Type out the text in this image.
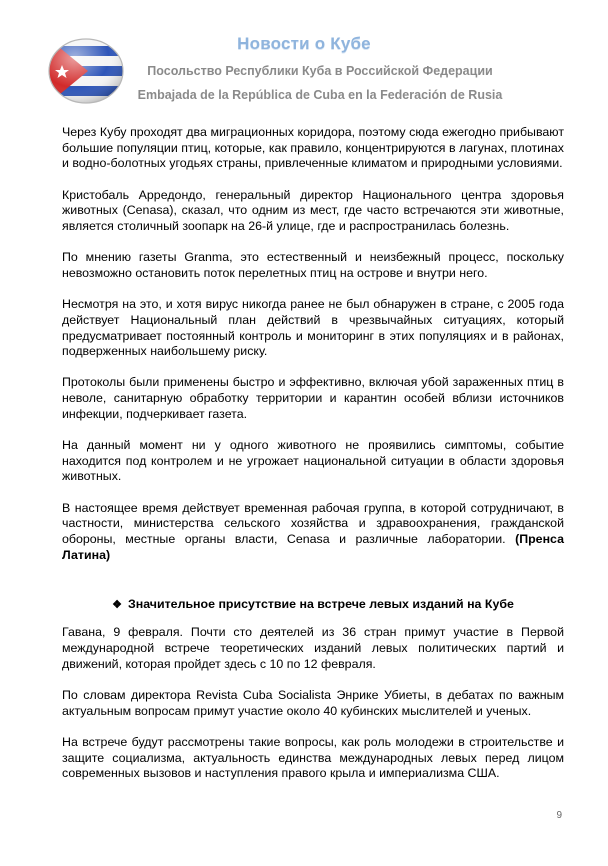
Новости о Кубе
Посольство Республики Куба в Российской Федерации
Embajada de la República de Cuba en la Federación de Rusia

Через Кубу проходят два миграционных коридора, поэтому сюда ежегодно прибывают большие популяции птиц, которые, как правило, концентрируются в лагунах, плотинах и водно-болотных угодьях страны, привлеченные климатом и природными условиями.

Кристобаль Арредондо, генеральный директор Национального центра здоровья животных (Cenasa), сказал, что одним из мест, где часто встречаются эти животные, является столичный зоопарк на 26-й улице, где и распространилась болезнь.

По мнению газеты Granma, это естественный и неизбежный процесс, поскольку невозможно остановить поток перелетных птиц на острове и внутри него.

Несмотря на это, и хотя вирус никогда ранее не был обнаружен в стране, с 2005 года действует Национальный план действий в чрезвычайных ситуациях, который предусматривает постоянный контроль и мониторинг в этих популяциях и в районах, подверженных наибольшему риску.

Протоколы были применены быстро и эффективно, включая убой зараженных птиц в неволе, санитарную обработку территории и карантин особей вблизи источников инфекции, подчеркивает газета.

На данный момент ни у одного животного не проявились симптомы, событие находится под контролем и не угрожает национальной ситуации в области здоровья животных.

В настоящее время действует временная рабочая группа, в которой сотрудничают, в частности, министерства сельского хозяйства и здравоохранения, гражданской обороны, местные органы власти, Cenasa и различные лаборатории. (Пренса Латина)

❖ Значительное присутствие на встрече левых изданий на Кубе

Гавана, 9 февраля. Почти сто деятелей из 36 стран примут участие в Первой международной встрече теоретических изданий левых политических партий и движений, которая пройдет здесь с 10 по 12 февраля.

По словам директора Revista Cuba Socialista Энрике Убиеты, в дебатах по важным актуальным вопросам примут участие около 40 кубинских мыслителей и ученых.

На встрече будут рассмотрены такие вопросы, как роль молодежи в строительстве и защите социализма, актуальность единства международных левых перед лицом современных вызовов и наступления правого крыла и империализма США.

9
